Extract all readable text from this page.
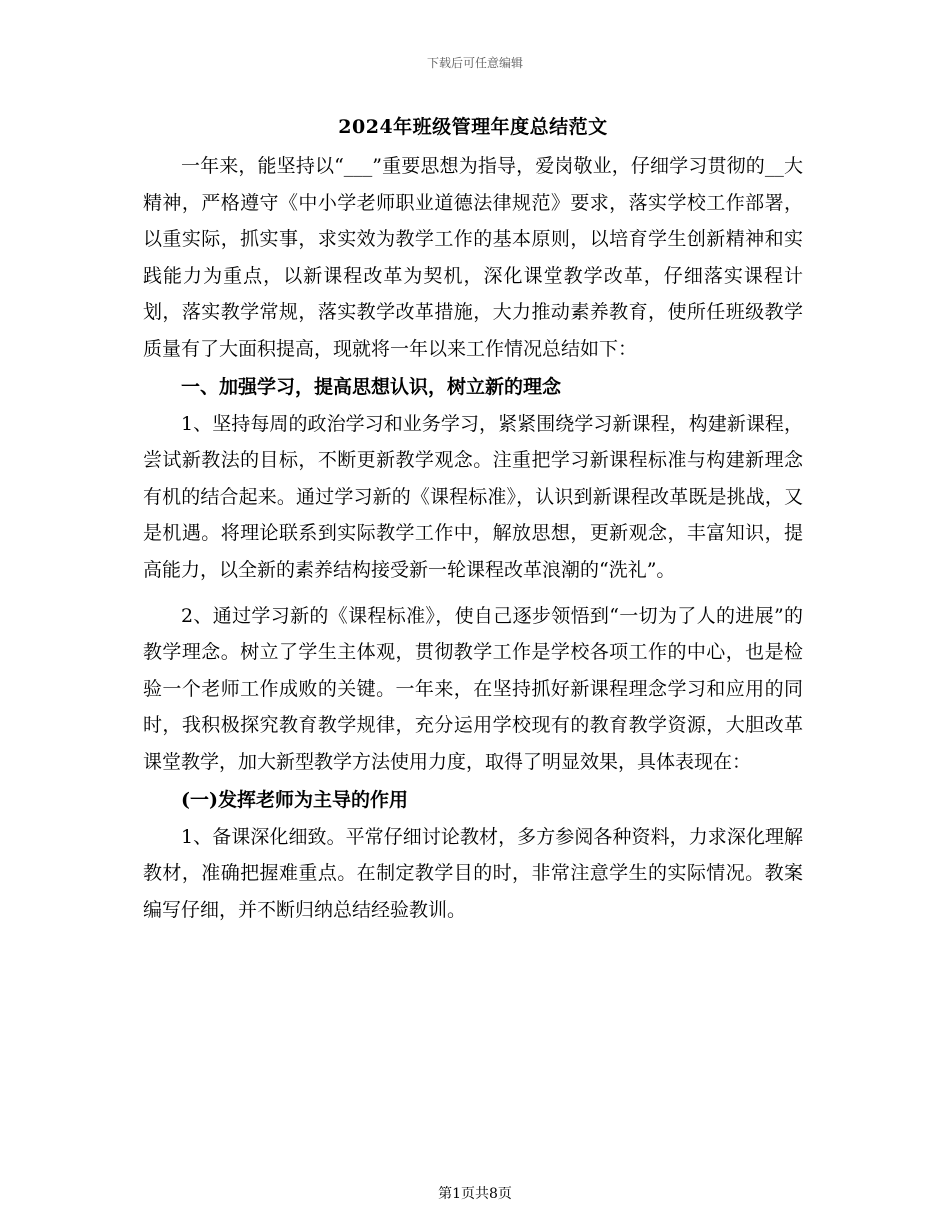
下载后可任意编辑
2024年班级管理年度总结范文

一年来，能坚持以“___”重要思想为指导，爱岗敬业，仔细学习贯彻的__大精神，严格遵守《中小学老师职业道德法律规范》要求，落实学校工作部署，以重实际，抓实事，求实效为教学工作的基本原则，以培育学生创新精神和实践能力为重点，以新课程改革为契机，深化课堂教学改革，仔细落实课程计划，落实教学常规，落实教学改革措施，大力推动素养教育，使所任班级教学质量有了大面积提高，现就将一年以来工作情况总结如下：

一、加强学习，提高思想认识，树立新的理念

1、坚持每周的政治学习和业务学习，紧紧围绕学习新课程，构建新课程，尝试新教法的目标，不断更新教学观念。注重把学习新课程标准与构建新理念有机的结合起来。通过学习新的《课程标准》，认识到新课程改革既是挑战，又是机遇。将理论联系到实际教学工作中，解放思想，更新观念，丰富知识，提高能力，以全新的素养结构接受新一轮课程改革浪潮的“洗礼”。

2、通过学习新的《课程标准》，使自己逐步领悟到“一切为了人的进展”的教学理念。树立了学生主体观，贯彻教学工作是学校各项工作的中心，也是检验一个老师工作成败的关键。一年来，在坚持抓好新课程理念学习和应用的同时，我积极探究教育教学规律，充分运用学校现有的教育教学资源，大胆改革课堂教学，加大新型教学方法使用力度，取得了明显效果，具体表现在：

(一)发挥老师为主导的作用

1、备课深化细致。平常仔细讨论教材，多方参阅各种资料，力求深化理解教材，准确把握难重点。在制定教学目的时，非常注意学生的实际情况。教案编写仔细，并不断归纳总结经验教训。

第1页共8页
